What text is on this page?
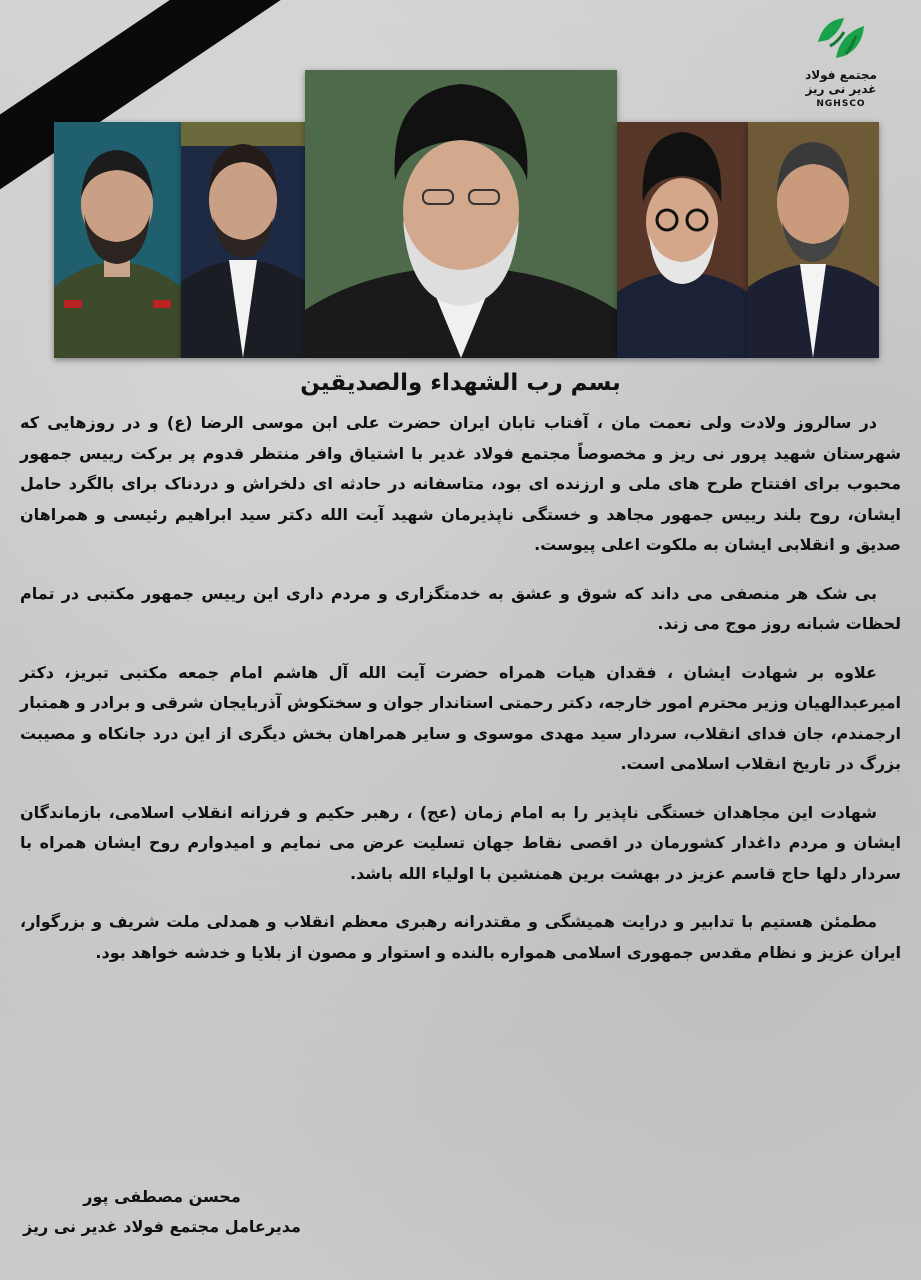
مجتمع فولاد غدیر نی ریز
NGHSCO
بسم رب الشهداء والصدیقین

در سالروز ولادت ولی نعمت مان ، آفتاب تابان ایران حضرت علی ابن موسی الرضا (ع) و در روزهایی که شهرستان شهید پرور نی ریز و مخصوصاً مجتمع فولاد غدیر با اشتیاق وافر منتظر قدوم پر برکت رییس جمهور محبوب برای افتتاح طرح های ملی و ارزنده ای بود، متاسفانه در حادثه ای دلخراش و دردناک برای بالگرد حامل ایشان، روح بلند رییس جمهور مجاهد و خستگی ناپذیرمان شهید آیت الله دکتر سید ابراهیم رئیسی و همراهان صدیق و انقلابی ایشان به ملکوت اعلی پیوست.

بی شک هر منصفی می داند که شوق و عشق به خدمتگزاری و مردم داری این رییس جمهور مکتبی در تمام لحظات شبانه روز موج می زند.

علاوه بر شهادت ایشان ، فقدان هیات همراه حضرت آیت الله آل هاشم امام جمعه مکتبی تبریز، دکتر امیرعبدالهیان وزیر محترم امور خارجه، دکتر رحمتی استاندار جوان و سختکوش آذربایجان شرقی و برادر و همتبار ارجمندم، جان فدای انقلاب، سردار سید مهدی موسوی و سایر همراهان بخش دیگری از این درد جانکاه و مصیبت بزرگ در تاریخ انقلاب اسلامی است.

شهادت این مجاهدان خستگی ناپذیر را به امام زمان (عج) ، رهبر حکیم و فرزانه انقلاب اسلامی، بازماندگان ایشان و مردم داغدار کشورمان در اقصی نقاط جهان تسلیت عرض می نمایم و امیدوارم روح ایشان همراه با سردار دلها حاج قاسم عزیز در بهشت برین همنشین با اولیاء الله باشد.

مطمئن هستیم با تدابیر و درایت همیشگی و مقتدرانه رهبری معظم انقلاب و همدلی ملت شریف و بزرگوار، ایران عزیز و نظام مقدس جمهوری اسلامی همواره بالنده و استوار و مصون از بلایا و خدشه خواهد بود.

محسن مصطفی پور
مدیرعامل مجتمع فولاد غدیر نی ریز
